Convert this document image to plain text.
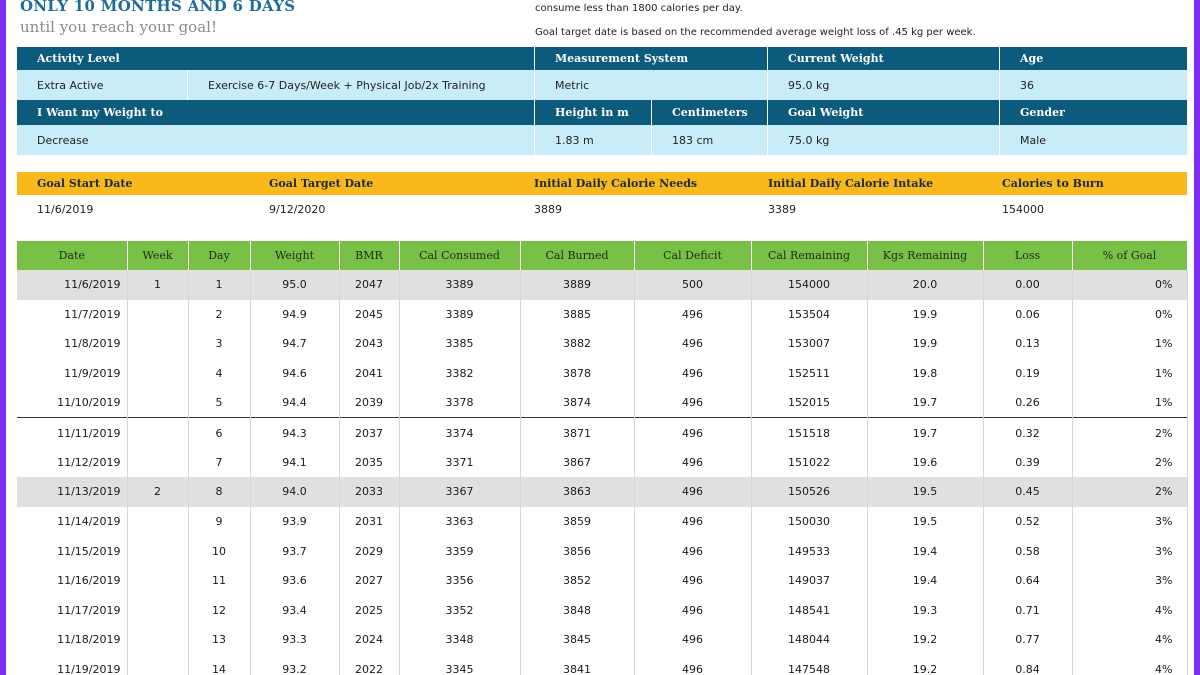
ONLY 10 MONTHS AND 6 DAYS
until you reach your goal!
consume less than 1800 calories per day.
Goal target date is based on the recommended average weight loss of .45 kg per week.
Activity Level	Measurement System	Current Weight	Age
Extra Active	Exercise 6-7 Days/Week + Physical Job/2x Training	Metric	95.0 kg	36
I Want my Weight to	Height in m	Centimeters	Goal Weight	Gender
Decrease	1.83 m	183 cm	75.0 kg	Male
Goal Start Date	Goal Target Date	Initial Daily Calorie Needs	Initial Daily Calorie Intake	Calories to Burn
11/6/2019	9/12/2020	3889	3389	154000
Date	Week	Day	Weight	BMR	Cal Consumed	Cal Burned	Cal Deficit	Cal Remaining	Kgs Remaining	Loss	% of Goal
11/6/2019	1	1	95.0	2047	3389	3889	500	154000	20.0	0.00	0%
11/7/2019		2	94.9	2045	3389	3885	496	153504	19.9	0.06	0%
11/8/2019		3	94.7	2043	3385	3882	496	153007	19.9	0.13	1%
11/9/2019		4	94.6	2041	3382	3878	496	152511	19.8	0.19	1%
11/10/2019		5	94.4	2039	3378	3874	496	152015	19.7	0.26	1%
11/11/2019		6	94.3	2037	3374	3871	496	151518	19.7	0.32	2%
11/12/2019		7	94.1	2035	3371	3867	496	151022	19.6	0.39	2%
11/13/2019	2	8	94.0	2033	3367	3863	496	150526	19.5	0.45	2%
11/14/2019		9	93.9	2031	3363	3859	496	150030	19.5	0.52	3%
11/15/2019		10	93.7	2029	3359	3856	496	149533	19.4	0.58	3%
11/16/2019		11	93.6	2027	3356	3852	496	149037	19.4	0.64	3%
11/17/2019		12	93.4	2025	3352	3848	496	148541	19.3	0.71	4%
11/18/2019		13	93.3	2024	3348	3845	496	148044	19.2	0.77	4%
11/19/2019		14	93.2	2022	3345	3841	496	147548	19.2	0.84	4%
